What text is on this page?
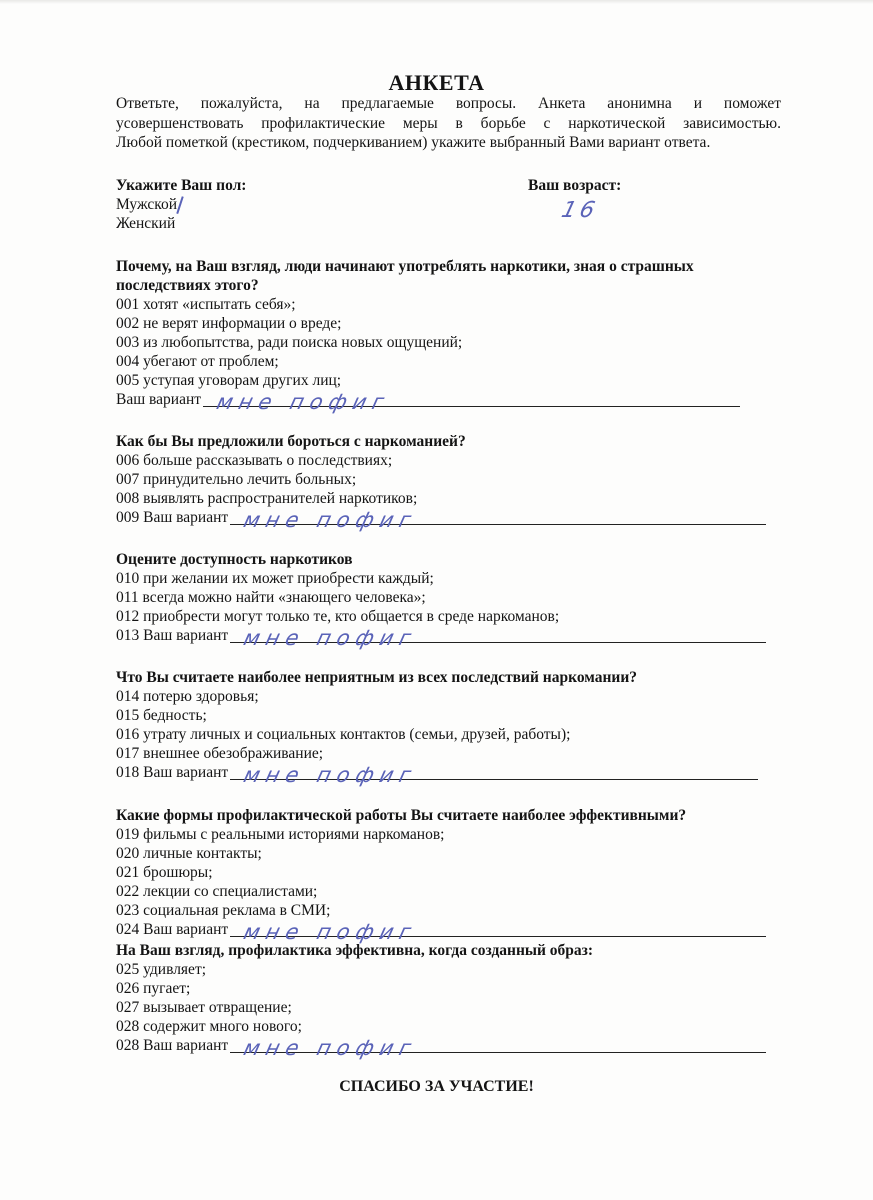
АНКЕТА
Ответьте, пожалуйста, на предлагаемые вопросы. Анкета анонимна и поможет
усовершенствовать профилактические меры в борьбе с наркотической зависимостью.
Любой пометкой (крестиком, подчеркиванием) укажите выбранный Вами вариант ответа.
Укажите Ваш пол:
Мужской
Женский
Ваш возраст:
16
Почему, на Ваш взгляд, люди начинают употреблять наркотики, зная о страшных
последствиях этого?
001 хотят «испытать себя»;
002 не верят информации о вреде;
003 из любопытства, ради поиска новых ощущений;
004 убегают от проблем;
005 уступая уговорам других лиц;
Ваш вариант мне пофиг
Как бы Вы предложили бороться с наркоманией?
006 больше рассказывать о последствиях;
007 принудительно лечить больных;
008 выявлять распространителей наркотиков;
009 Ваш вариант мне пофиг
Оцените доступность наркотиков
010 при желании их может приобрести каждый;
011 всегда можно найти «знающего человека»;
012 приобрести могут только те, кто общается в среде наркоманов;
013 Ваш вариант мне пофиг
Что Вы считаете наиболее неприятным из всех последствий наркомании?
014 потерю здоровья;
015 бедность;
016 утрату личных и социальных контактов (семьи, друзей, работы);
017 внешнее обезображивание;
018 Ваш вариант мне пофиг
Какие формы профилактической работы Вы считаете наиболее эффективными?
019 фильмы с реальными историями наркоманов;
020 личные контакты;
021 брошюры;
022 лекции со специалистами;
023 социальная реклама в СМИ;
024 Ваш вариант мне пофиг
На Ваш взгляд, профилактика эффективна, когда созданный образ:
025 удивляет;
026 пугает;
027 вызывает отвращение;
028 содержит много нового;
028 Ваш вариант мне пофиг
СПАСИБО ЗА УЧАСТИЕ!
